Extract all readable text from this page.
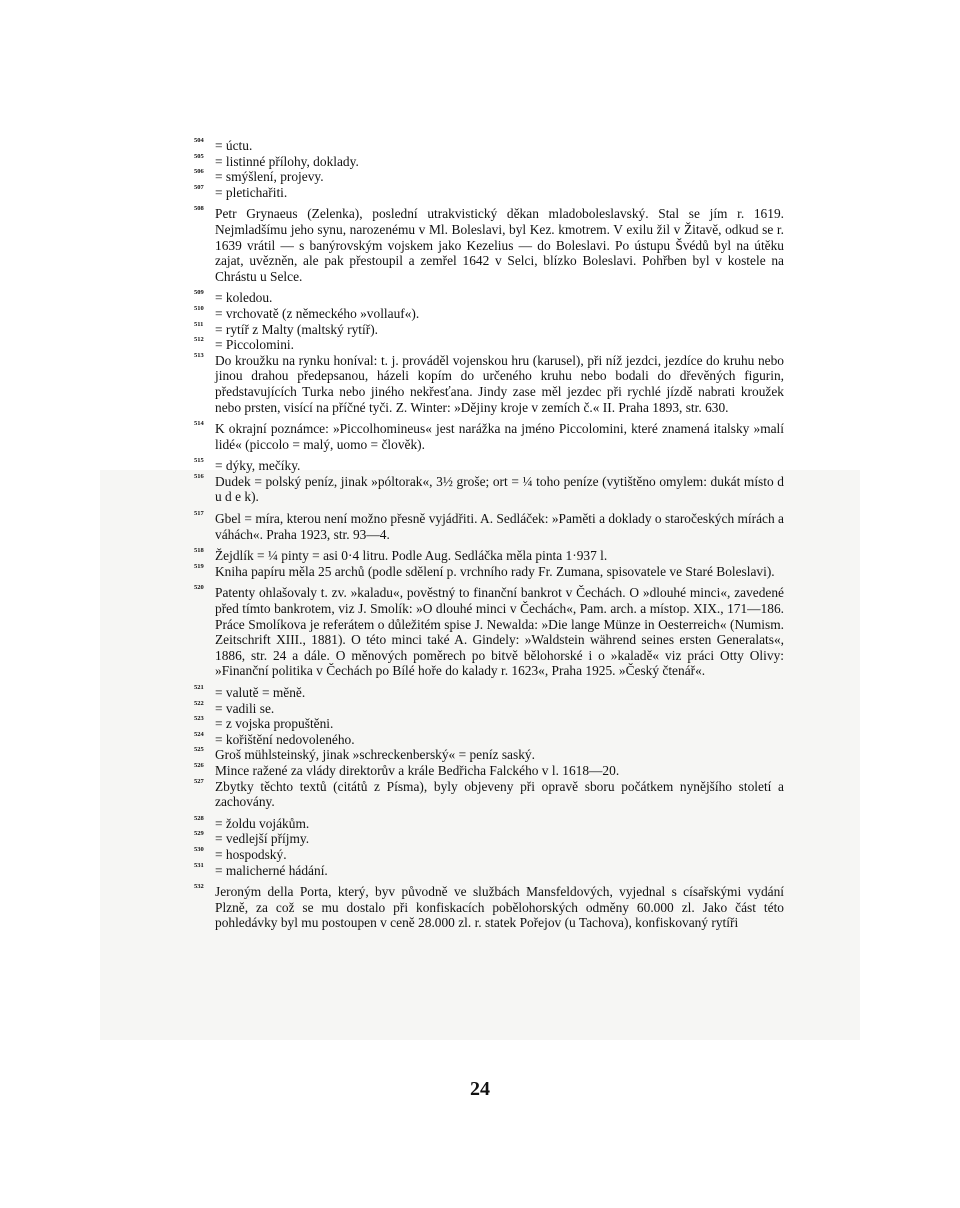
504 = úctu.
505 = listinné přílohy, doklady.
506 = smýšlení, projevy.
507 = pletichařiti.
508 Petr Grynaeus (Zelenka), poslední utrakvistický děkan mladoboleslavský. Stal se jím r. 1619. Nejmladšímu jeho synu, narozenému v Ml. Boleslavi, byl Kez. kmotrem. V exilu žil v Žitavě, odkud se r. 1639 vrátil — s banýrovským vojskem jako Kezelius — do Boleslavi. Po ústupu Švédů byl na útěku zajat, uvězněn, ale pak přestoupil a zemřel 1642 v Selci, blízko Boleslavi. Pohřben byl v kostele na Chrástu u Selce.
509 = koledou.
510 = vrchovatě (z německého »vollauf«).
511 = rytíř z Malty (maltský rytíř).
512 = Piccolomini.
513 Do kroužku na rynku honíval: t. j. prováděl vojenskou hru (karusel), při níž jezdci, jezdíce do kruhu nebo jinou drahou předepsanou, házeli kopím do určeného kruhu nebo bodali do dřevěných figurin, představujících Turka nebo jiného nekřesťana. Jindy zase měl jezdec při rychlé jízdě nabrati kroužek nebo prsten, visící na příčné tyči. Z. Winter: »Dějiny kroje v zemích č.« II. Praha 1893, str. 630.
514 K okrajní poznámce: »Piccolhomineus« jest narážka na jméno Piccolomini, které znamená italsky »malí lidé« (piccolo = malý, uomo = člověk).
515 = dýky, mečíky.
516 Dudek = polský peníz, jinak »póltorak«, 3½ groše; ort = ¼ toho peníze (vytištěno omylem: dukát místo d u d e k).
517 Gbel = míra, kterou není možno přesně vyjádřiti. A. Sedláček: »Paměti a doklady o staročeských mírách a váhách«. Praha 1923, str. 93—4.
518 Žejdlík = ¼ pinty = asi 0·4 litru. Podle Aug. Sedláčka měla pinta 1·937 l.
519 Kniha papíru měla 25 archů (podle sdělení p. vrchního rady Fr. Zumana, spisovatele ve Staré Boleslavi).
520 Patenty ohlašovaly t. zv. »kaladu«, pověstný to finanční bankrot v Čechách. O »dlouhé minci«, zavedené před tímto bankrotem, viz J. Smolík: »O dlouhé minci v Čechách«, Pam. arch. a místop. XIX., 171—186. Práce Smolíkova je referátem o důležitém spise J. Newalda: »Die lange Münze in Oesterreich« (Numism. Zeitschrift XIII., 1881). O této minci také A. Gindely: »Waldstein während seines ersten Generalats«, 1886, str. 24 a dále. O měnových poměrech po bitvě bělohorské i o »kaladě« viz práci Otty Olivy: »Finanční politika v Čechách po Bílé hoře do kalady r. 1623«, Praha 1925. »Český čtenář«.
521 = valutě = měně.
522 = vadili se.
523 = z vojska propuštěni.
524 = kořištění nedovoleného.
525 Groš mühlsteinský, jinak »schreckenberský« = peníz saský.
526 Mince ražené za vlády direktorův a krále Bedřicha Falckého v l. 1618—20.
527 Zbytky těchto textů (citátů z Písma), byly objeveny při opravě sboru počátkem nynějšího století a zachovány.
528 = žoldu vojákům.
529 = vedlejší příjmy.
530 = hospodský.
531 = malicherné hádání.
532 Jeroným della Porta, který, byv původně ve službách Mansfeldových, vyjednal s císařskými vydání Plzně, za což se mu dostalo při konfiskacích pobělohorských odměny 60.000 zl. Jako část této pohledávky byl mu postoupen v ceně 28.000 zl. r. statek Pořejov (u Tachova), konfiskovaný rytíři
24
